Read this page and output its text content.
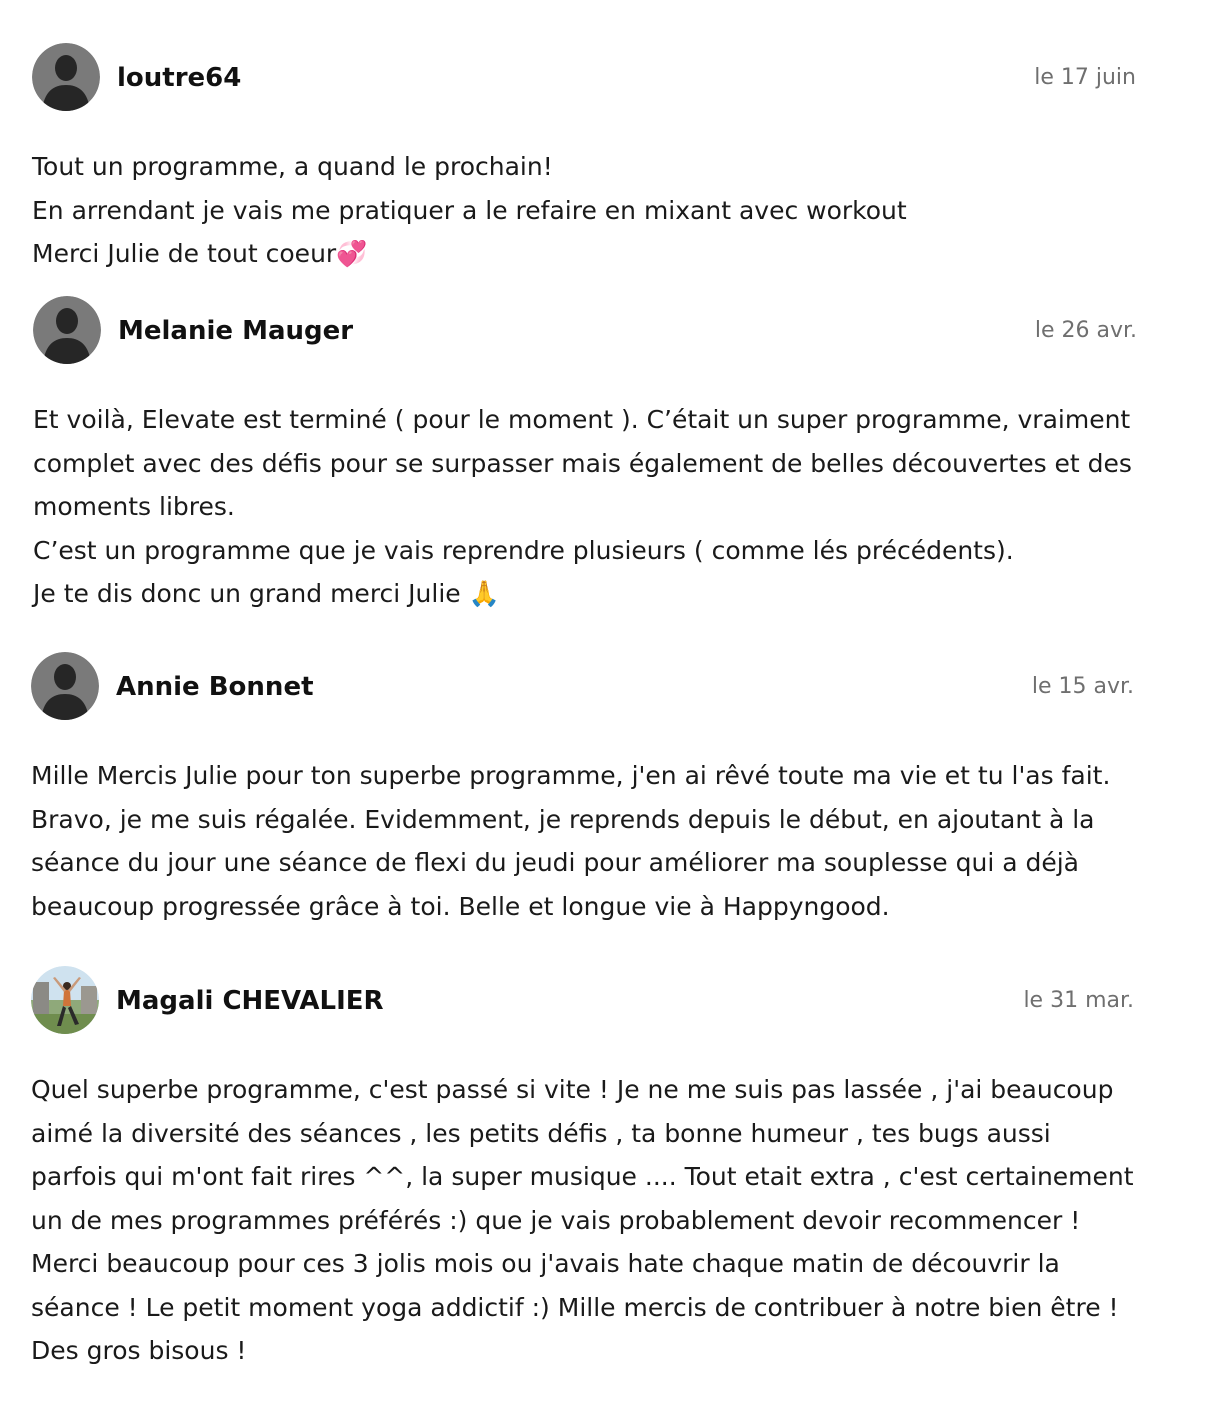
loutre64	le 17 juin
Tout un programme, a quand le prochain!
En arrendant je vais me pratiquer a le refaire en mixant avec workout
Merci Julie de tout coeur💞
Melanie Mauger	le 26 avr.
Et voilà, Elevate est terminé ( pour le moment ). C’était un super programme, vraiment
complet avec des défis pour se surpasser mais également de belles découvertes et des
moments libres.
C’est un programme que je vais reprendre plusieurs ( comme lés précédents).
Je te dis donc un grand merci Julie 🙏
Annie Bonnet	le 15 avr.
Mille Mercis Julie pour ton superbe programme, j'en ai rêvé toute ma vie et tu l'as fait.
Bravo, je me suis régalée. Evidemment, je reprends depuis le début, en ajoutant à la
séance du jour une séance de flexi du jeudi pour améliorer ma souplesse qui a déjà
beaucoup progressée grâce à toi. Belle et longue vie à Happyngood.
Magali CHEVALIER	le 31 mar.
Quel superbe programme, c'est passé si vite ! Je ne me suis pas lassée , j'ai beaucoup
aimé la diversité des séances , les petits défis , ta bonne humeur , tes bugs aussi
parfois qui m'ont fait rires ^^, la super musique .... Tout etait extra , c'est certainement
un de mes programmes préférés :) que je vais probablement devoir recommencer !
Merci beaucoup pour ces 3 jolis mois ou j'avais hate chaque matin de découvrir la
séance ! Le petit moment yoga addictif :) Mille mercis de contribuer à notre bien être !
Des gros bisous !
